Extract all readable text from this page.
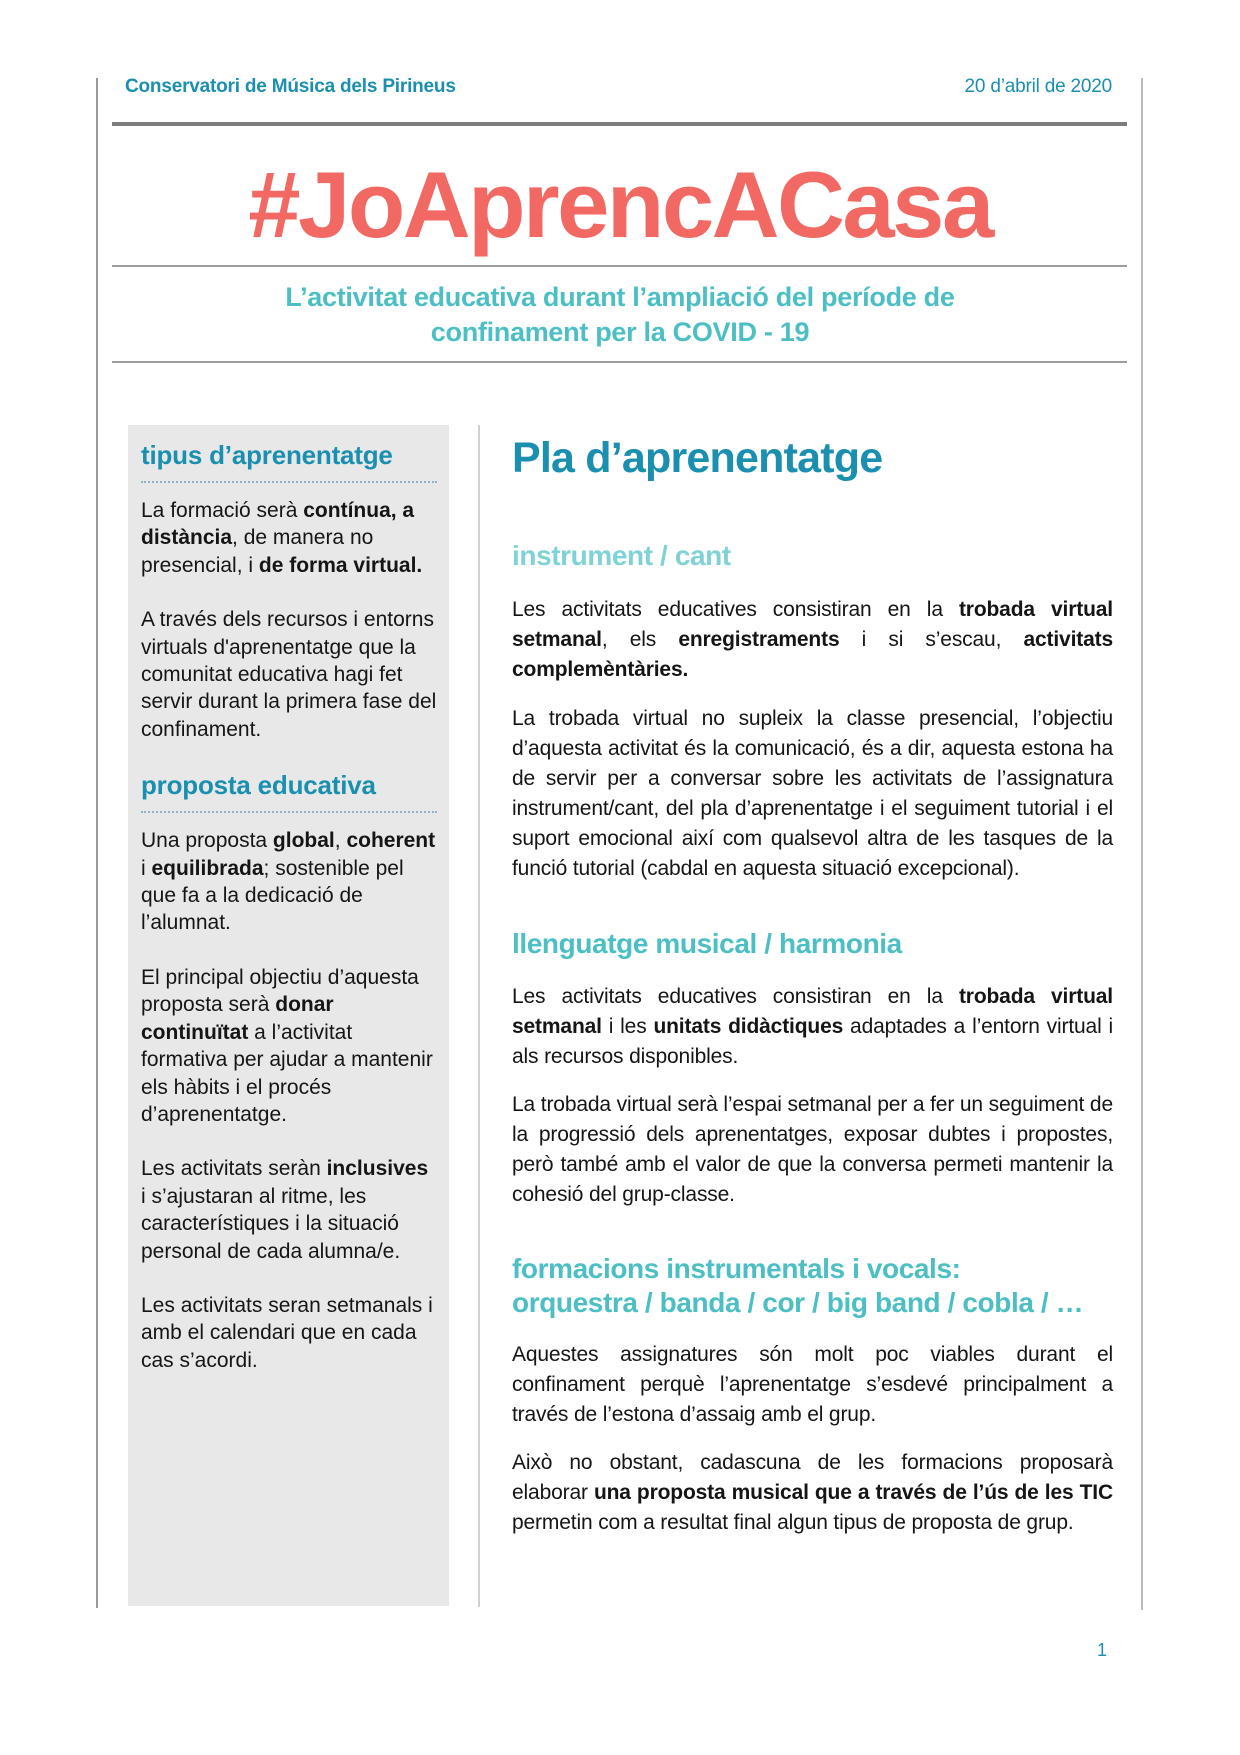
Conservatori de Música dels Pirineus	20 d’abril de 2020
#JoAprencACasa
L’activitat educativa durant l’ampliació del període de
confinament per la COVID - 19
tipus d’aprenentatge

La formació serà contínua, a distància, de manera no presencial, i de forma virtual.

A través dels recursos i entorns virtuals d'aprenentatge que la comunitat educativa hagi fet servir durant la primera fase del confinament.

proposta educativa

Una proposta global, coherent i equilibrada; sostenible pel que fa a la dedicació de l’alumnat.

El principal objectiu d’aquesta proposta serà donar continuïtat a l’activitat formativa per ajudar a mantenir els hàbits i el procés d’aprenentatge.

Les activitats seràn inclusives i s’ajustaran al ritme, les característiques i la situació personal de cada alumna/e.

Les activitats seran setmanals i amb el calendari que en cada cas s’acordi.

Pla d’aprenentatge
instrument / cant

Les activitats educatives consistiran en la trobada virtual setmanal, els enregistraments i si s’escau, activitats complemèntàries.

La trobada virtual no supleix la classe presencial, l’objectiu d’aquesta activitat és la comunicació, és a dir, aquesta estona ha de servir per a conversar sobre les activitats de l’assignatura instrument/cant, del pla d’aprenentatge i el seguiment tutorial i el suport emocional així com qualsevol altra de les tasques de la funció tutorial (cabdal en aquesta situació excepcional).

llenguatge musical / harmonia

Les activitats educatives consistiran en la trobada virtual setmanal i les unitats didàctiques adaptades a l’entorn virtual i als recursos disponibles.

La trobada virtual serà l’espai setmanal per a fer un seguiment de la progressió dels aprenentatges, exposar dubtes i propostes, però també amb el valor de que la conversa permeti mantenir la cohesió del grup-classe.

formacions instrumentals i vocals:
orquestra / banda / cor / big band / cobla / …

Aquestes assignatures són molt poc viables durant el confinament perquè l’aprenentatge s’esdevé principalment a través de l’estona d’assaig amb el grup.

Això no obstant, cadascuna de les formacions proposarà elaborar una proposta musical que a través de l’ús de les TIC permetin com a resultat final algun tipus de proposta de grup.

1
